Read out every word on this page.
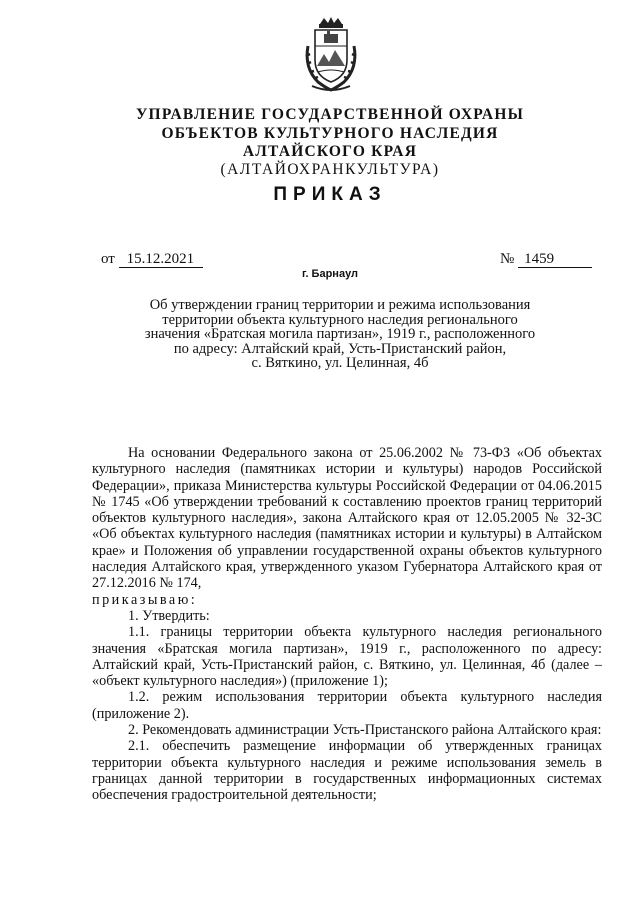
УПРАВЛЕНИЕ ГОСУДАРСТВЕННОЙ ОХРАНЫ
ОБЪЕКТОВ КУЛЬТУРНОГО НАСЛЕДИЯ
АЛТАЙСКОГО КРАЯ
(АЛТАЙОХРАНКУЛЬТУРА)
ПРИКАЗ
от 15.12.2021	№ 1459
г. Барнаул
Об утверждении границ территории и режима использования
территории объекта культурного наследия регионального
значения «Братская могила партизан», 1919 г., расположенного
по адресу: Алтайский край, Усть-Пристанский район,
с. Вяткино, ул. Целинная, 4б

На основании Федерального закона от 25.06.2002 № 73-ФЗ «Об объектах культурного наследия (памятниках истории и культуры) народов Российской Федерации», приказа Министерства культуры Российской Федерации от 04.06.2015 № 1745 «Об утверждении требований к составлению проектов границ территорий объектов культурного наследия», закона Алтайского края от 12.05.2005 № 32-ЗС «Об объектах культурного наследия (памятниках истории и культуры) в Алтайском крае» и Положения об управлении государственной охраны объектов культурного наследия Алтайского края, утвержденного указом Губернатора Алтайского края от 27.12.2016 № 174,

приказываю:

1. Утвердить:

1.1. границы территории объекта культурного наследия регионального значения «Братская могила партизан», 1919 г., расположенного по адресу: Алтайский край, Усть-Пристанский район, с. Вяткино, ул. Целинная, 4б (далее – «объект культурного наследия») (приложение 1);

1.2. режим использования территории объекта культурного наследия (приложение 2).

2. Рекомендовать администрации Усть-Пристанского района Алтайского края:

2.1. обеспечить размещение информации об утвержденных границах территории объекта культурного наследия и режиме использования земель в границах данной территории в государственных информационных системах обеспечения градостроительной деятельности;
